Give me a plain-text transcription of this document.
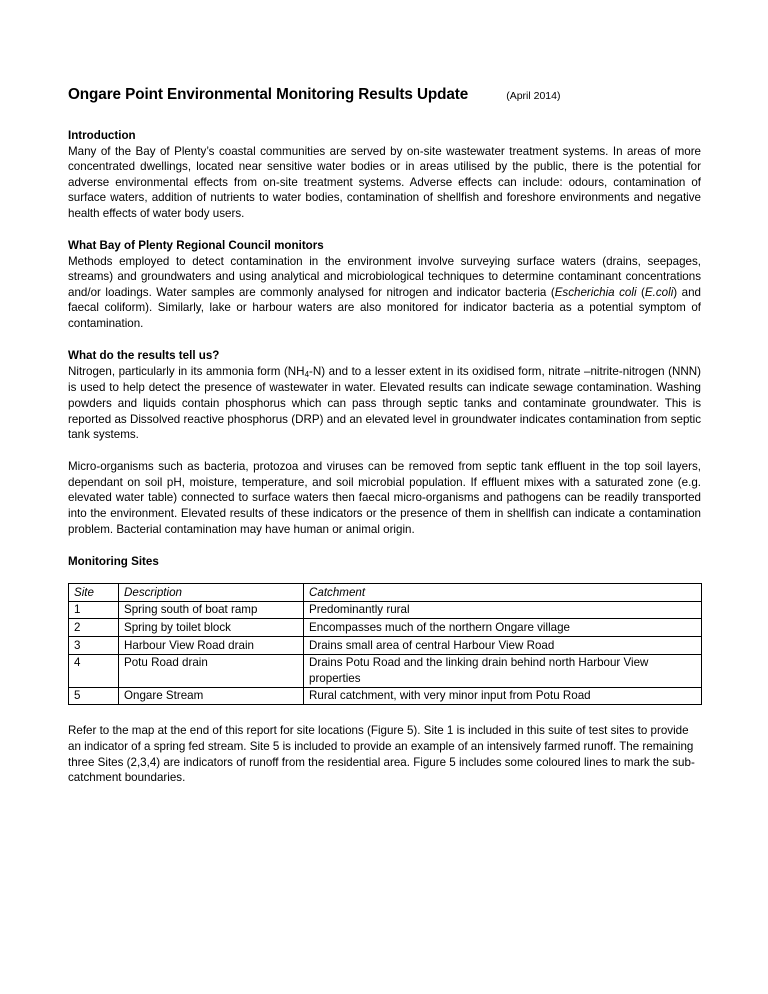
Ongare Point Environmental Monitoring Results Update	(April 2014)
Introduction

Many of the Bay of Plenty’s coastal communities are served by on-site wastewater treatment systems. In areas of more concentrated dwellings, located near sensitive water bodies or in areas utilised by the public, there is the potential for adverse environmental effects from on-site treatment systems. Adverse effects can include: odours, contamination of surface waters, addition of nutrients to water bodies, contamination of shellfish and foreshore environments and negative health effects of water body users.

What Bay of Plenty Regional Council monitors

Methods employed to detect contamination in the environment involve surveying surface waters (drains, seepages, streams) and groundwaters and using analytical and microbiological techniques to determine contaminant concentrations and/or loadings. Water samples are commonly analysed for nitrogen and indicator bacteria (Escherichia coli (E.coli) and faecal coliform). Similarly, lake or harbour waters are also monitored for indicator bacteria as a potential symptom of contamination.

What do the results tell us?

Nitrogen, particularly in its ammonia form $(NH_4-N)$ and to a lesser extent in its oxidised form, nitrate –nitrite-nitrogen (NNN) is used to help detect the presence of wastewater in water. Elevated results can indicate sewage contamination. Washing powders and liquids contain phosphorus which can pass through septic tanks and contaminate groundwater. This is reported as Dissolved reactive phosphorus (DRP) and an elevated level in groundwater indicates contamination from septic tank systems.

Micro-organisms such as bacteria, protozoa and viruses can be removed from septic tank effluent in the top soil layers, dependant on soil pH, moisture, temperature, and soil microbial population. If effluent mixes with a saturated zone (e.g. elevated water table) connected to surface waters then faecal micro-organisms and pathogens can be readily transported into the environment. Elevated results of these indicators or the presence of them in shellfish can indicate a contamination problem. Bacterial contamination may have human or animal origin.

Monitoring Sites
Site	Description	Catchment
1	Spring south of boat ramp	Predominantly rural
2	Spring by toilet block	Encompasses much of the northern Ongare village
3	Harbour View Road drain	Drains small area of central Harbour View Road
4	Potu Road drain	Drains Potu Road and the linking drain behind north Harbour View properties
5	Ongare Stream	Rural catchment, with very minor input from Potu Road

Refer to the map at the end of this report for site locations (Figure 5). Site 1 is included in this suite of test sites to provide an indicator of a spring fed stream. Site 5 is included to provide an example of an intensively farmed runoff. The remaining three Sites (2,3,4) are indicators of runoff from the residential area. Figure 5 includes some coloured lines to mark the sub-catchment boundaries.
